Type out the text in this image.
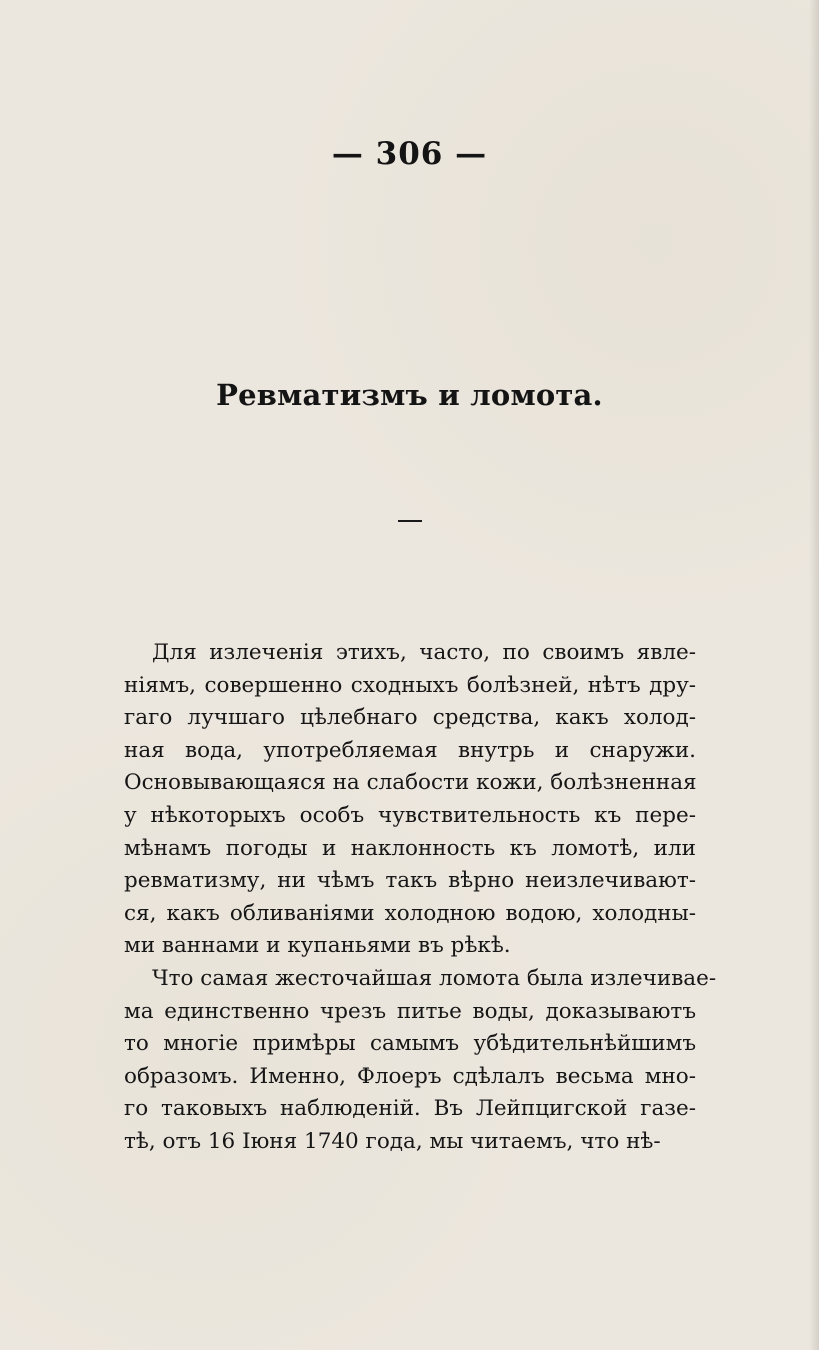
— 306 —
Ревматизмъ и ломота.

Для излеченія этихъ, часто, по своимъ явле-
ніямъ, совершенно сходныхъ болѣзней, нѣтъ дру-
гаго лучшаго цѣлебнаго средства, какъ холод-
ная вода, употребляемая внутрь и снаружи.
Основывающаяся на слабости кожи, болѣзненная
у нѣкоторыхъ особъ чувствительность къ пере-
мѣнамъ погоды и наклонность къ ломотѣ, или
ревматизму, ни чѣмъ такъ вѣрно неизлечивают-
ся, какъ обливаніями холодною водою, холодны-
ми ваннами и купаньями въ рѣкѣ.

Что самая жесточайшая ломота была излечивае-
ма единственно чрезъ питье воды, доказываютъ
то многіе примѣры самымъ убѣдительнѣйшимъ
образомъ. Именно, Флоеръ сдѣлалъ весьма мно-
го таковыхъ наблюденій. Въ Лейпцигской газе-
тѣ, отъ 16 Іюня 1740 года, мы читаемъ, что нѣ-
